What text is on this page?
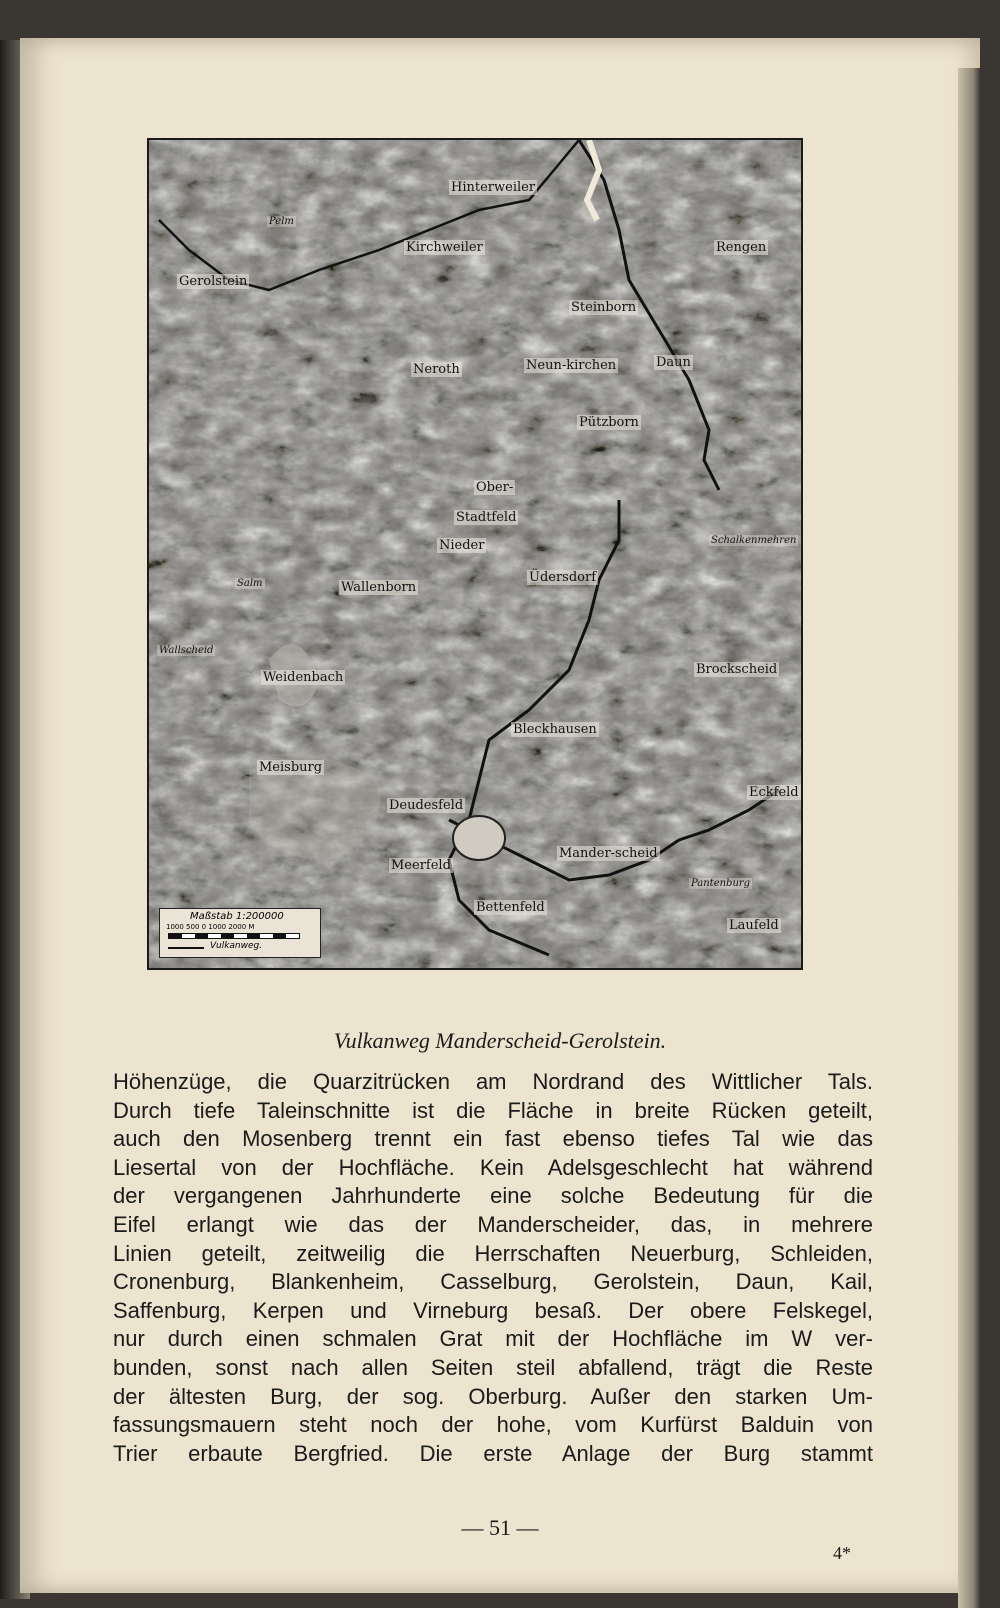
Hinterweiler
Kirchweiler
Gerolstein
Pelm
Rengen
Steinborn
Daun
Neroth	Neun-kirchen
Pützborn
Ober-
Stadtfeld
Nieder
Üdersdorf
Wallenborn
Weidenbach
Schalkenmehren
Brockscheid
Bleckhausen
Meisburg
Deudesfeld
Meerfeld
Eckfeld
Mander-scheid
Bettenfeld
Laufeld
Pantenburg
Salm
Wallscheid
Maßstab 1:200000
1000 500 0 1000 2000 M
Vulkanweg.
Vulkanweg Manderscheid-Gerolstein.
Höhenzüge, die Quarzitrücken am Nordrand des Wittlicher Tals.
Durch tiefe Taleinschnitte ist die Fläche in breite Rücken geteilt,
auch den Mosenberg trennt ein fast ebenso tiefes Tal wie das
Liesertal von der Hochfläche. Kein Adelsgeschlecht hat während
der vergangenen Jahrhunderte eine solche Bedeutung für die
Eifel erlangt wie das der Manderscheider, das, in mehrere
Linien geteilt, zeitweilig die Herrschaften Neuerburg, Schleiden,
Cronenburg, Blankenheim, Casselburg, Gerolstein, Daun, Kail,
Saffenburg, Kerpen und Virneburg besaß. Der obere Felskegel,
nur durch einen schmalen Grat mit der Hochfläche im W ver-
bunden, sonst nach allen Seiten steil abfallend, trägt die Reste
der ältesten Burg, der sog. Oberburg. Außer den starken Um-
fassungsmauern steht noch der hohe, vom Kurfürst Balduin von
Trier erbaute Bergfried. Die erste Anlage der Burg stammt
— 51 —
4*
